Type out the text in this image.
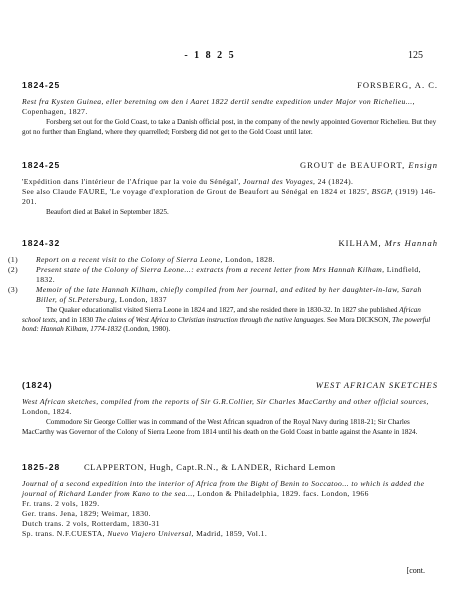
- 1 8 2 5	125
1824-25	FORSBERG, A. C.
Rest fra Kysten Guinea, eller beretning om den i Aaret 1822 dertil sendte expedition under Major von Richelieu..., Copenhagen, 1827.
Forsberg set out for the Gold Coast, to take a Danish official post, in the company of the newly appointed Governor Richelieu. But they got no further than England, where they quarrelled; Forsberg did not get to the Gold Coast until later.
1824-25	GROUT de BEAUFORT, Ensign
'Expédition dans l'intérieur de l'Afrique par la voie du Sénégal', Journal des Voyages, 24 (1824).
See also Claude FAURE, 'Le voyage d'exploration de Grout de Beaufort au Sénégal en 1824 et 1825', BSGP, (1919) 146-201.
Beaufort died at Bakel in September 1825.
1824-32	KILHAM, Mrs Hannah
(1) Report on a recent visit to the Colony of Sierra Leone, London, 1828.
(2) Present state of the Colony of Sierra Leone...: extracts from a recent letter from Mrs Hannah Kilham, Lindfield, 1832.
(3) Memoir of the late Hannah Kilham, chiefly compiled from her journal, and edited by her daughter-in-law, Sarah Biller, of St.Petersburg, London, 1837
The Quaker educationalist visited Sierra Leone in 1824 and 1827, and she resided there in 1830-32. In 1827 she published African school texts, and in 1830 The claims of West Africa to Christian instruction through the native languages. See Mora DICKSON, The powerful bond: Hannah Kilham, 1774-1832 (London, 1980).
(1824)	WEST AFRICAN SKETCHES
West African sketches, compiled from the reports of Sir G.R.Collier, Sir Charles MacCarthy and other official sources, London, 1824.
Commodore Sir George Collier was in command of the West African squadron of the Royal Navy during 1818-21; Sir Charles MacCarthy was Governor of the Colony of Sierra Leone from 1814 until his death on the Gold Coast in battle against the Asante in 1824.
1825-28	CLAPPERTON, Hugh, Capt.R.N., & LANDER, Richard Lemon
Journal of a second expedition into the interior of Africa from the Bight of Benin to Soccatoo... to which is added the journal of Richard Lander from Kano to the sea..., London & Philadelphia, 1829. facs. London, 1966
Fr. trans. 2 vols, 1829.
Ger. trans. Jena, 1829; Weimar, 1830.
Dutch trans. 2 vols, Rotterdam, 1830-31
Sp. trans. N.F.CUESTA, Nuevo Viajero Universal, Madrid, 1859, Vol.1.
[cont.
